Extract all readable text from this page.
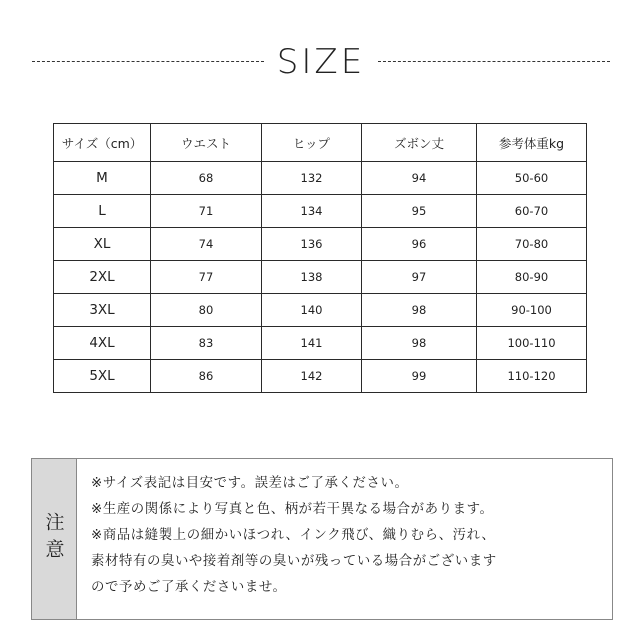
SIZE
サイズ（cm）	ウエスト	ヒップ	ズボン丈	参考体重kg
M	68	132	94	50-60
L	71	134	95	60-70
XL	74	136	96	70-80
2XL	77	138	97	80-90
3XL	80	140	98	90-100
4XL	83	141	98	100-110
5XL	86	142	99	110-120
注意
※サイズ表記は目安です。誤差はご了承ください。
※生産の関係により写真と色、柄が若干異なる場合があります。
※商品は縫製上の細かいほつれ、インク飛び、織りむら、汚れ、
素材特有の臭いや接着剤等の臭いが残っている場合がございます
ので予めご了承くださいませ。
